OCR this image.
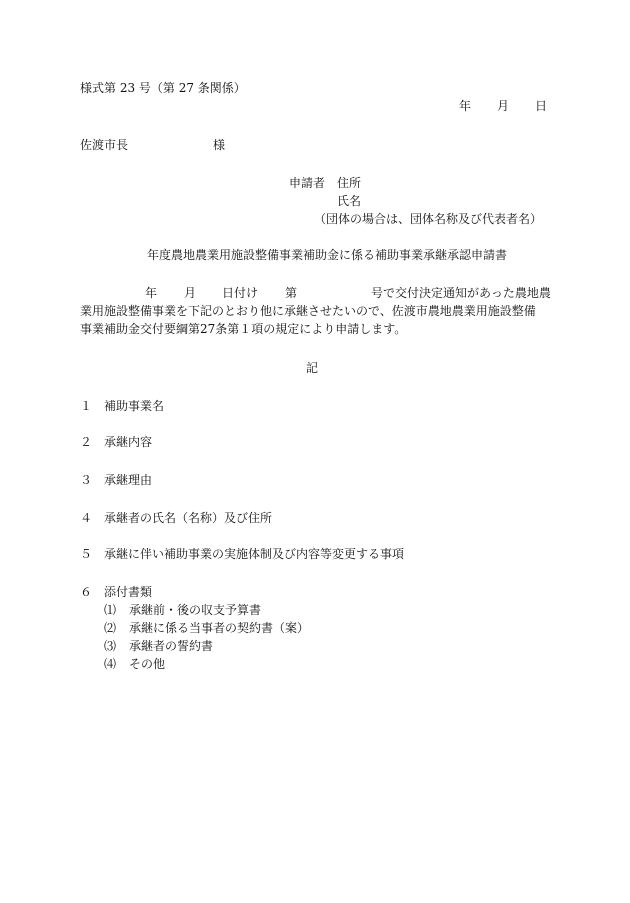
様式第 23 号（第 27 条関係）
年 月 日
佐渡市長	様
申請者 住所
氏名
（団体の場合は、団体名称及び代表者名）
年度農地農業用施設整備事業補助金に係る補助事業承継承認申請書
年 月 日付け 第	号で交付決定通知があった農地農
業用施設整備事業を下記のとおり他に承継させたいので、佐渡市農地農業用施設整備
事業補助金交付要綱第27条第１項の規定により申請します。
記
１ 補助事業名
２ 承継内容
３ 承継理由
４ 承継者の氏名（名称）及び住所
５ 承継に伴い補助事業の実施体制及び内容等変更する事項
６ 添付書類
⑴ 承継前・後の収支予算書
⑵ 承継に係る当事者の契約書（案）
⑶ 承継者の誓約書
⑷ その他
